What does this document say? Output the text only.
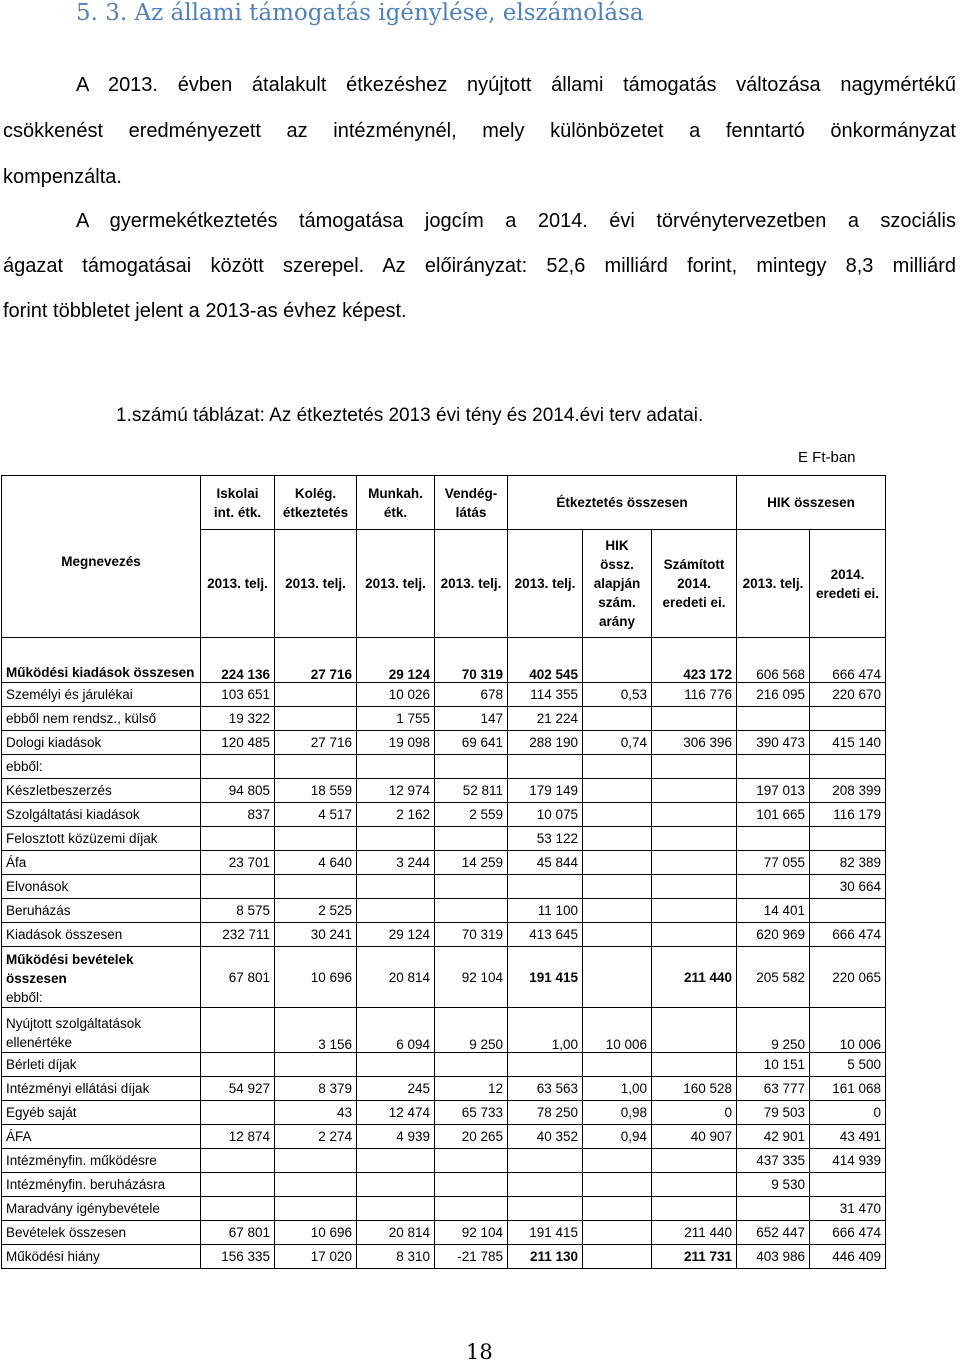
5. 3. Az állami támogatás igénylése, elszámolása
A 2013. évben átalakult étkezéshez nyújtott állami támogatás változása nagymértékű
csökkenést eredményezett az intézménynél, mely különbözetet a fenntartó önkormányzat
kompenzálta.
A gyermekétkeztetés támogatása jogcím a 2014. évi törvénytervezetben a szociális
ágazat támogatásai között szerepel. Az előirányzat: 52,6 milliárd forint, mintegy 8,3 milliárd
forint többletet jelent a 2013-as évhez képest.
1.számú táblázat: Az étkeztetés 2013 évi tény és 2014.évi terv adatai.
E Ft-ban
Megnevezés	Iskolai int. étk.	Kolég. étkeztetés	Munkah. étk.	Vendég-látás	Étkeztetés összesen			HIK összesen	
	2013. telj.	2013. telj.	2013. telj.	2013. telj.	2013. telj.	HIK össz. alapján szám. arány	Számított 2014. eredeti ei.	2013. telj.	2014. eredeti ei.
Működési kiadások összesen	224 136	27 716	29 124	70 319	402 545		423 172	606 568	666 474
Személyi és járulékai	103 651		10 026	678	114 355	0,53	116 776	216 095	220 670
ebből nem rendsz., külső	19 322		1 755	147	21 224				
Dologi kiadások	120 485	27 716	19 098	69 641	288 190	0,74	306 396	390 473	415 140
ebből:									
Készletbeszerzés	94 805	18 559	12 974	52 811	179 149			197 013	208 399
Szolgáltatási kiadások	837	4 517	2 162	2 559	10 075			101 665	116 179
Felosztott közüzemi díjak					53 122				
Áfa	23 701	4 640	3 244	14 259	45 844			77 055	82 389
Elvonások									30 664
Beruházás	8 575	2 525			11 100			14 401	
Kiadások összesen	232 711	30 241	29 124	70 319	413 645			620 969	666 474
Működési bevételek összesen
ebből:	67 801	10 696	20 814	92 104	191 415		211 440	205 582	220 065
Nyújtott szolgáltatások ellenértéke		3 156	6 094	9 250	1,00	10 006		9 250	10 006
Bérleti díjak								10 151	5 500
Intézményi ellátási díjak	54 927	8 379	245	12	63 563	1,00	160 528	63 777	161 068
Egyéb saját		43	12 474	65 733	78 250	0,98	0	79 503	0
ÁFA	12 874	2 274	4 939	20 265	40 352	0,94	40 907	42 901	43 491
Intézményfin. működésre								437 335	414 939
Intézményfin. beruházásra								9 530	
Maradvány igénybevétele									31 470
Bevételek összesen	67 801	10 696	20 814	92 104	191 415		211 440	652 447	666 474
Működési hiány	156 335	17 020	8 310	-21 785	211 130		211 731	403 986	446 409
18
